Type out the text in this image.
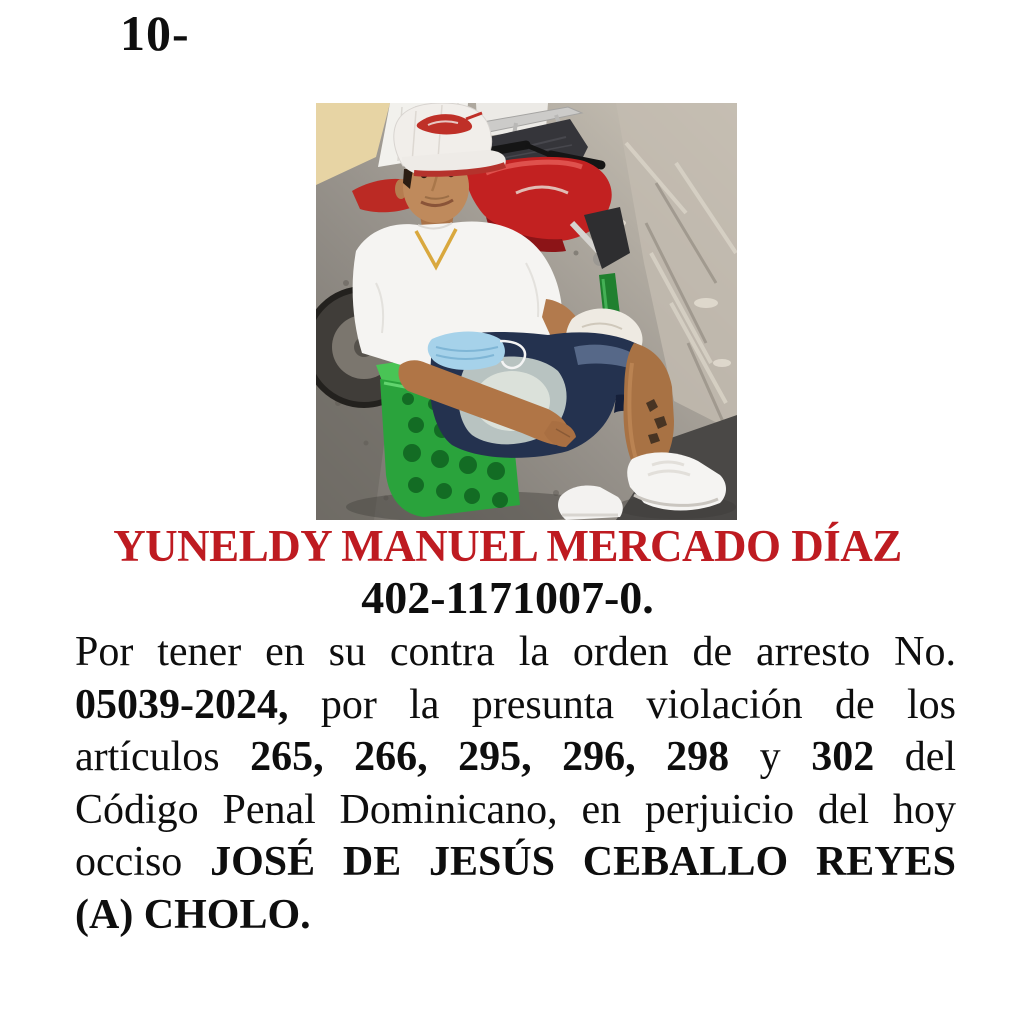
10-
YUNELDY MANUEL MERCADO DÍAZ
402-1171007-0.
Por tener en su contra la orden de arresto No.
05039-2024, por la presunta violación de los
artículos 265, 266, 295, 296, 298 y 302 del
Código Penal Dominicano, en perjuicio del hoy
occiso JOSÉ DE JESÚS CEBALLO REYES
(A) CHOLO.
